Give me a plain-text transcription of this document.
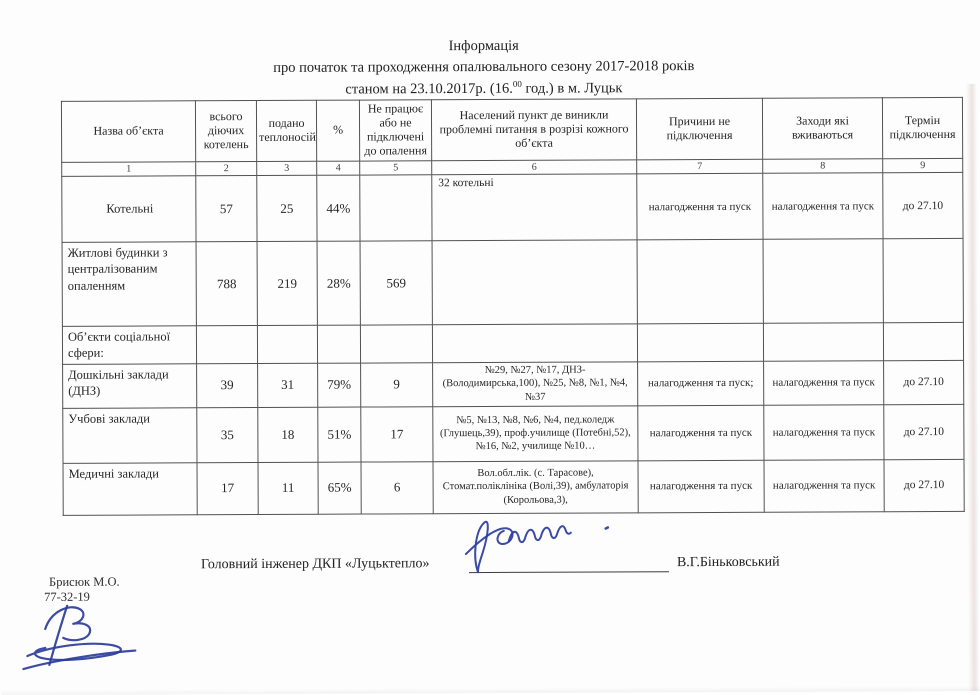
Інформація
про початок та проходження опалювального сезону 2017-2018 років
станом на 23.10.2017р. (16.00 год.) в м. Луцьк
Назва об’єкта	всього діючих котелень	подано теплоносій	%	Не працює або не підключені до опалення	Населений пункт де виникли проблемні питання в розрізі кожного об’єкта	Причини не підключення	Заходи які вживаються	Термін підключення
1	2	3	4	5	6	7	8	9
Котельні	57	25	44%		32 котельні	налагодження та пуск	налагодження та пуск	до 27.10
Житлові будинки з централізованим опаленням	788	219	28%	569				
Об’єкти соціальної сфери:								
Дошкільні заклади (ДНЗ)	39	31	79%	9	№29, №27, №17, ДНЗ-(Володимирська,100), №25, №8, №1, №4, №37	налагодження та пуск;	налагодження та пуск	до 27.10
Учбові заклади	35	18	51%	17	№5, №13, №8, №6, №4, пед.коледж (Глушець,39), проф.училище (Потебні,52), №16, №2, училище №10…	налагодження та пуск	налагодження та пуск	до 27.10
Медичні заклади	17	11	65%	6	Вол.обл.лік. (с. Тарасове), Стомат.поліклініка (Волі,39), амбулаторія (Корольова,3),	налагодження та пуск	налагодження та пуск	до 27.10
Головний інженер ДКП «Луцьктепло»	В.Г.Біньковський
Брисюк М.О.
77-32-19
